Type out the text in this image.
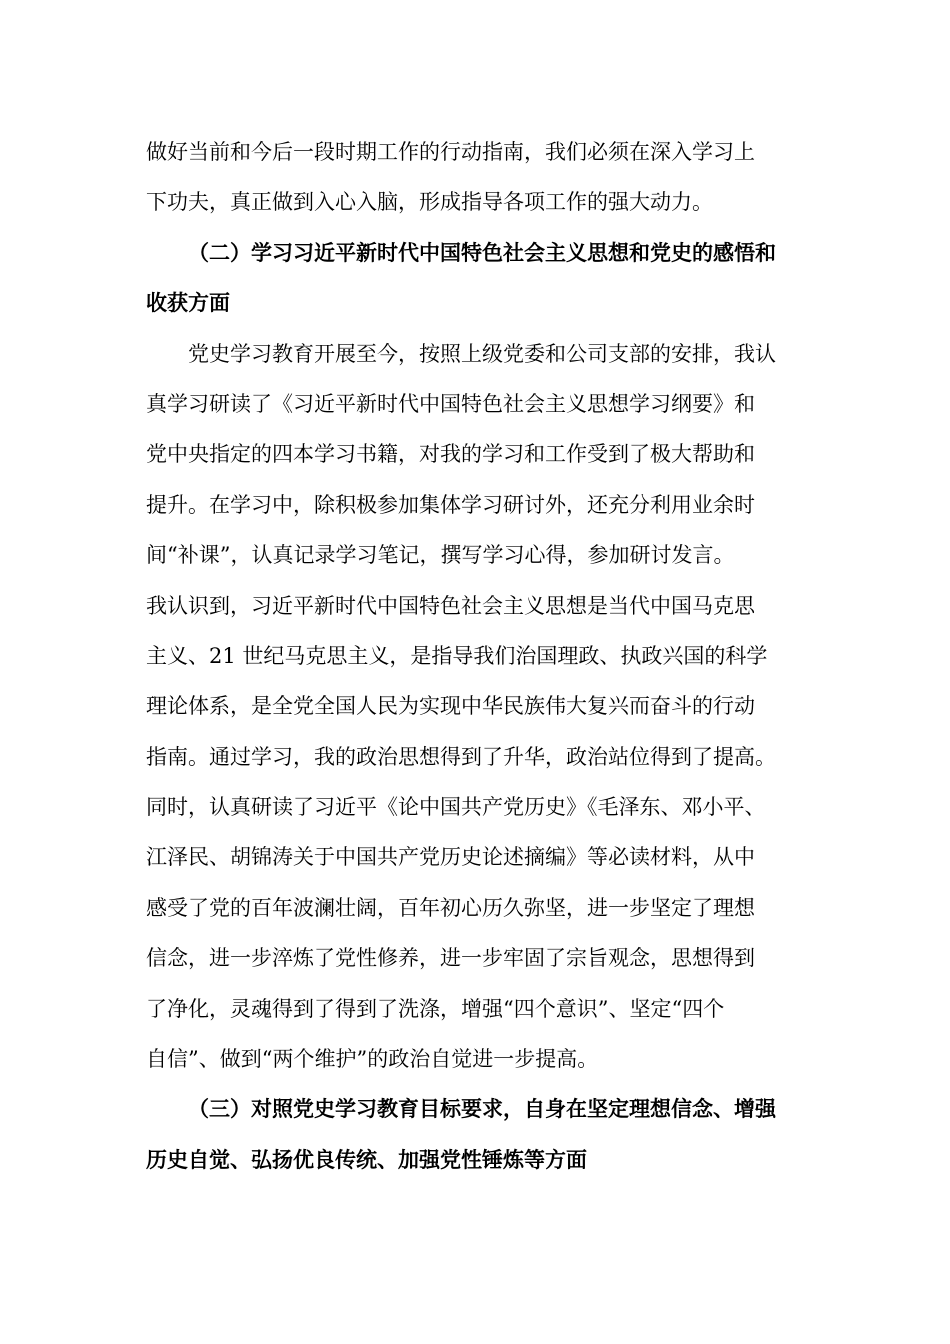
做好当前和今后一段时期工作的行动指南，我们必须在深入学习上
下功夫，真正做到入心入脑，形成指导各项工作的强大动力。
（二）学习习近平新时代中国特色社会主义思想和党史的感悟和
收获方面
党史学习教育开展至今，按照上级党委和公司支部的安排，我认
真学习研读了《习近平新时代中国特色社会主义思想学习纲要》和
党中央指定的四本学习书籍，对我的学习和工作受到了极大帮助和
提升。在学习中，除积极参加集体学习研讨外，还充分利用业余时
间“补课”，认真记录学习笔记，撰写学习心得，参加研讨发言。
我认识到，习近平新时代中国特色社会主义思想是当代中国马克思
主义、21 世纪马克思主义，是指导我们治国理政、执政兴国的科学
理论体系，是全党全国人民为实现中华民族伟大复兴而奋斗的行动
指南。通过学习，我的政治思想得到了升华，政治站位得到了提高。
同时，认真研读了习近平《论中国共产党历史》《毛泽东、邓小平、
江泽民、胡锦涛关于中国共产党历史论述摘编》等必读材料，从中
感受了党的百年波澜壮阔，百年初心历久弥坚，进一步坚定了理想
信念，进一步淬炼了党性修养，进一步牢固了宗旨观念，思想得到
了净化，灵魂得到了得到了洗涤，增强“四个意识”、坚定“四个
自信”、做到“两个维护”的政治自觉进一步提高。
（三）对照党史学习教育目标要求，自身在坚定理想信念、增强
历史自觉、弘扬优良传统、加强党性锤炼等方面
